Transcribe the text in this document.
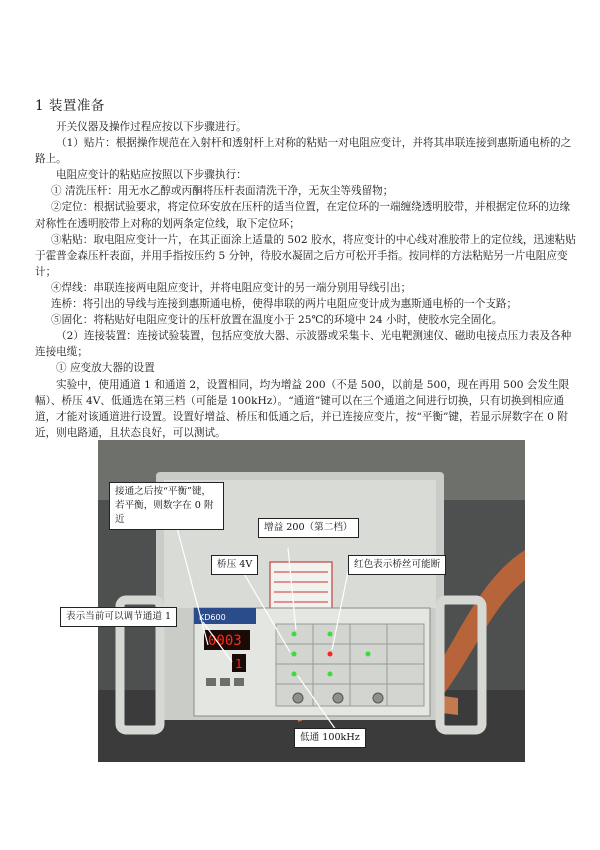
1 装置准备

开关仪器及操作过程应按以下步骤进行。

（1）贴片：根据操作规范在入射杆和透射杆上对称的粘贴一对电阻应变计，并将其串联连接到惠斯通电桥的之路上。

电阻应变计的粘贴应按照以下步骤执行：

① 清洗压杆：用无水乙醇或丙酮将压杆表面清洗干净，无灰尘等残留物；

②定位：根据试验要求，将定位环安放在压杆的适当位置，在定位环的一端缠绕透明胶带，并根据定位环的边缘对称性在透明胶带上对称的划两条定位线，取下定位环；

③粘贴：取电阻应变计一片，在其正面涂上适量的 502 胶水，将应变计的中心线对准胶带上的定位线，迅速粘贴于霍普金森压杆表面，并用手指按压约 5 分钟，待胶水凝固之后方可松开手指。按同样的方法粘贴另一片电阻应变计；

④焊线：串联连接两电阻应变计，并将电阻应变计的另一端分别用导线引出；

连桥：将引出的导线与连接到惠斯通电桥，使得串联的两片电阻应变计成为惠斯通电桥的一个支路；

⑤固化：将粘贴好电阻应变计的压杆放置在温度小于 25℃的环境中 24 小时，使胶水完全固化。

（2）连接装置：连接试验装置，包括应变放大器、示波器或采集卡、光电靶测速仪、磁助电接点压力表及各种连接电缆；

① 应变放大器的设置

实验中，使用通道 1 和通道 2，设置相同，均为增益 200（不是 500，以前是 500，现在再用 500 会发生限幅）、桥压 4V、低通选在第三档（可能是 100kHz）。“通道”键可以在三个通道之间进行切换，只有切换到相应通道，才能对该通道进行设置。设置好增益、桥压和低通之后，并已连接应变片，按“平衡”键，若显示屏数字在 0 附近，则电路通，且状态良好，可以测试。

KD600
0003
1
接通之后按“平衡”键，若平衡，则数字在 0 附近
增益 200（第二档）
桥压 4V	红色表示桥丝可能断
表示当前可以调节通道 1
低通 100kHz
